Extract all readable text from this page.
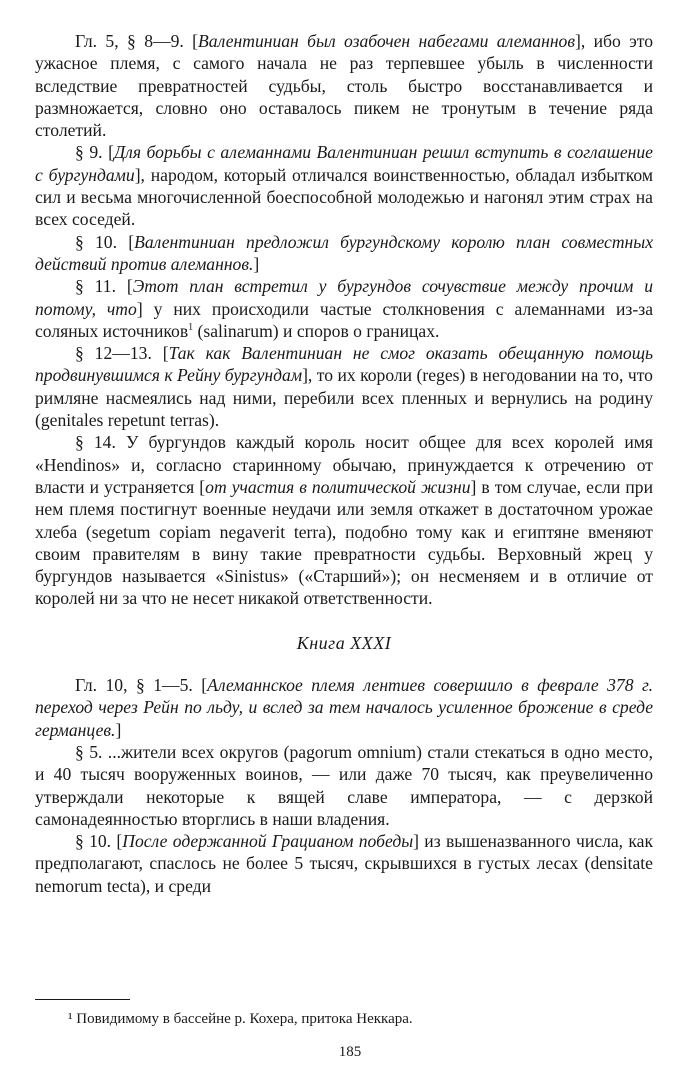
Гл. 5, § 8—9. [Валентиниан был озабочен набегами алеманнов], ибо это ужасное племя, с самого начала не раз терпевшее убыль в численности вследствие превратностей судьбы, столь быстро восстанавливается и размножается, словно оно оставалось пикем не тронутым в течение ряда столетий.

§ 9. [Для борьбы с алеманнами Валентиниан решил вступить в соглашение с бургундами], народом, который отличался воинственностью, обладал избытком сил и весьма многочисленной боеспособной молодежью и нагонял этим страх на всех соседей.

§ 10. [Валентиниан предложил бургундскому королю план совместных действий против алеманнов.]

§ 11. [Этот план встретил у бургундов сочувствие между прочим и потому, что] у них происходили частые столкновения с алеманнами из-за соляных источников$^1$ (salinarum) и споров о границах.

§ 12—13. [Так как Валентиниан не смог оказать обещанную помощь продвинувшимся к Рейну бургундам], то их короли (reges) в негодовании на то, что римляне насмеялись над ними, перебили всех пленных и вернулись на родину (genitales repetunt terras).

§ 14. У бургундов каждый король носит общее для всех королей имя «Hendinos» и, согласно старинному обычаю, принуждается к отречению от власти и устраняется [от участия в политической жизни] в том случае, если при нем племя постигнут военные неудачи или земля откажет в достаточном урожае хлеба (segetum copiam negaverit terra), подобно тому как и египтяне вменяют своим правителям в вину такие превратности судьбы. Верховный жрец у бургундов называется «Sinistus» («Старший»); он несменяем и в отличие от королей ни за что не несет никакой ответственности.

Книга XXXI

Гл. 10, § 1—5. [Алеманнское племя лентиев совершило в феврале 378 г. переход через Рейн по льду, и вслед за тем началось усиленное брожение в среде германцев.]

§ 5. ...жители всех округов (pagorum omnium) стали стекаться в одно место, и 40 тысяч вооруженных воинов, — или даже 70 тысяч, как преувеличенно утверждали некоторые к вящей славе императора, — с дерзкой самонадеянностью вторглись в наши владения.

§ 10. [После одержанной Грацианом победы] из вышеназванного числа, как предполагают, спаслось не более 5 тысяч, скрывшихся в густых лесах (densitate nemorum tecta), и среди

¹ Повидимому в бассейне р. Кохера, притока Неккара.
185
